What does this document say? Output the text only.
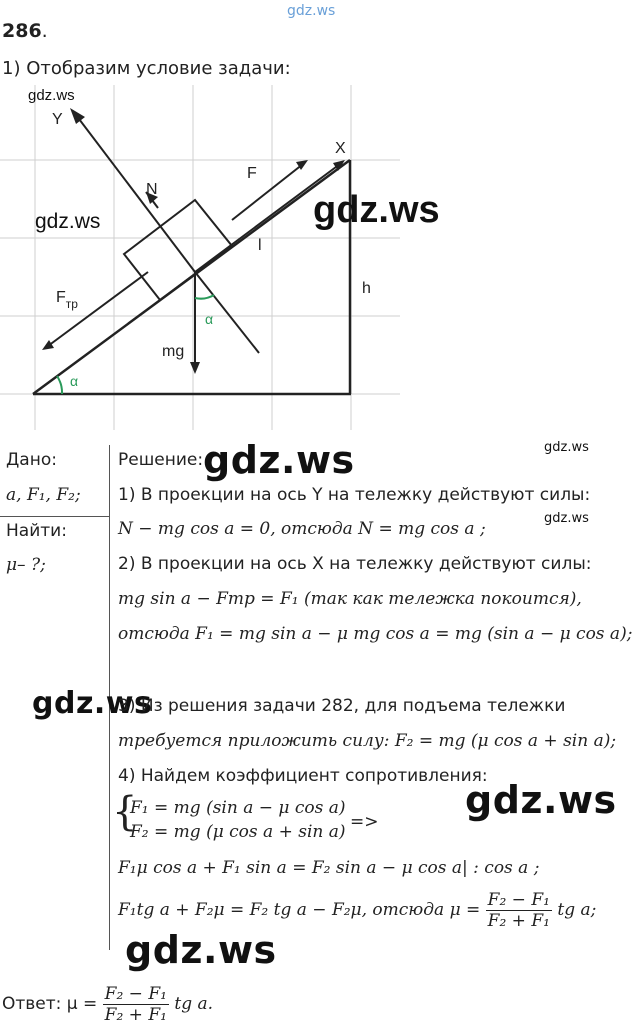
gdz.ws
286.
1) Отобразим условие задачи:
Y
X
N
F
l
h
$F_{тр}$
α
α
mg
gdz.ws
gdz.ws	gdz.ws
Дано:
a, F₁, F₂;
Найти:
μ– ?;
Решение: gdz.ws	gdz.ws
1) В проекции на ось Y на тележку действуют силы:
gdz.ws
N − mg cos a = 0, отсюда N = mg cos a ;
2) В проекции на ось X на тележку действуют силы:
mg sin a − Fтр = F₁ (так как тележка покоится),
отсюда F₁ = mg sin a − μ mg cos a = mg (sin a − μ cos a);
gdz.ws
3) Из решения задачи 282, для подъема тележки
требуется приложить силу: F₂ = mg (μ cos a + sin a);
4) Найдем коэффициент сопротивления:
gdz.ws
{
F₁ = mg (sin a − μ cos a)
F₂ = mg (μ cos a + sin a) =>
F₁μ cos a + F₁ sin a = F₂ sin a − μ cos a| : cos a ;
F₁tg a + F₂μ = F₂ tg a − F₂μ, отсюда $\mu = \frac{\text{F₂ − F₁}}{\text{F₂ + F₁}}$ tg a;
gdz.ws
Ответ: $\mu = \frac{\text{F₂ − F₁}}{\text{F₂ + F₁}}$ tg a.
